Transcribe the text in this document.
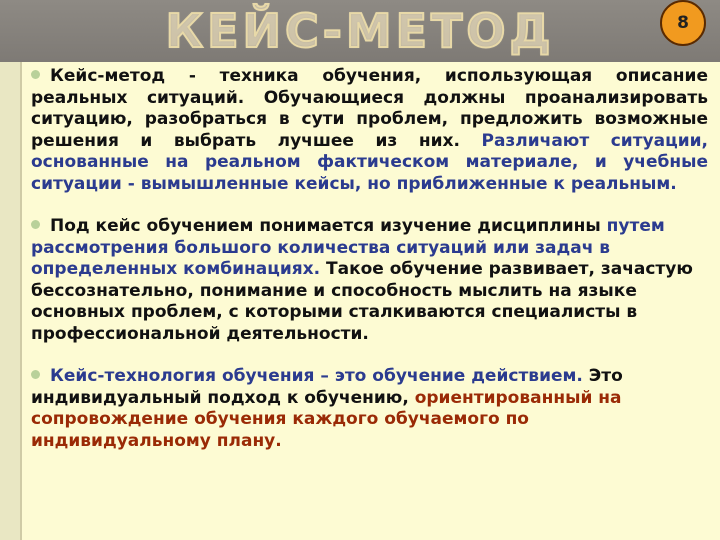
КЕЙС-МЕТОД	8

Кейс-метод - техника обучения, использующая описание реальных ситуаций. Обучающиеся должны проанализировать ситуацию, разобраться в сути проблем, предложить возможные решения и выбрать лучшее из них. Различают ситуации, основанные на реальном фактическом материале, и учебные ситуации - вымышленные кейсы, но приближенные к реальным.

Под кейс обучением понимается изучение дисциплины путем рассмотрения большого количества ситуаций или задач в определенных комбинациях. Такое обучение развивает, зачастую бессознательно, понимание и способность мыслить на языке основных проблем, с которыми сталкиваются специалисты в профессиональной деятельности.

Кейс-технология обучения – это обучение действием. Это индивидуальный подход к обучению, ориентированный на сопровождение обучения каждого обучаемого по индивидуальному плану.
